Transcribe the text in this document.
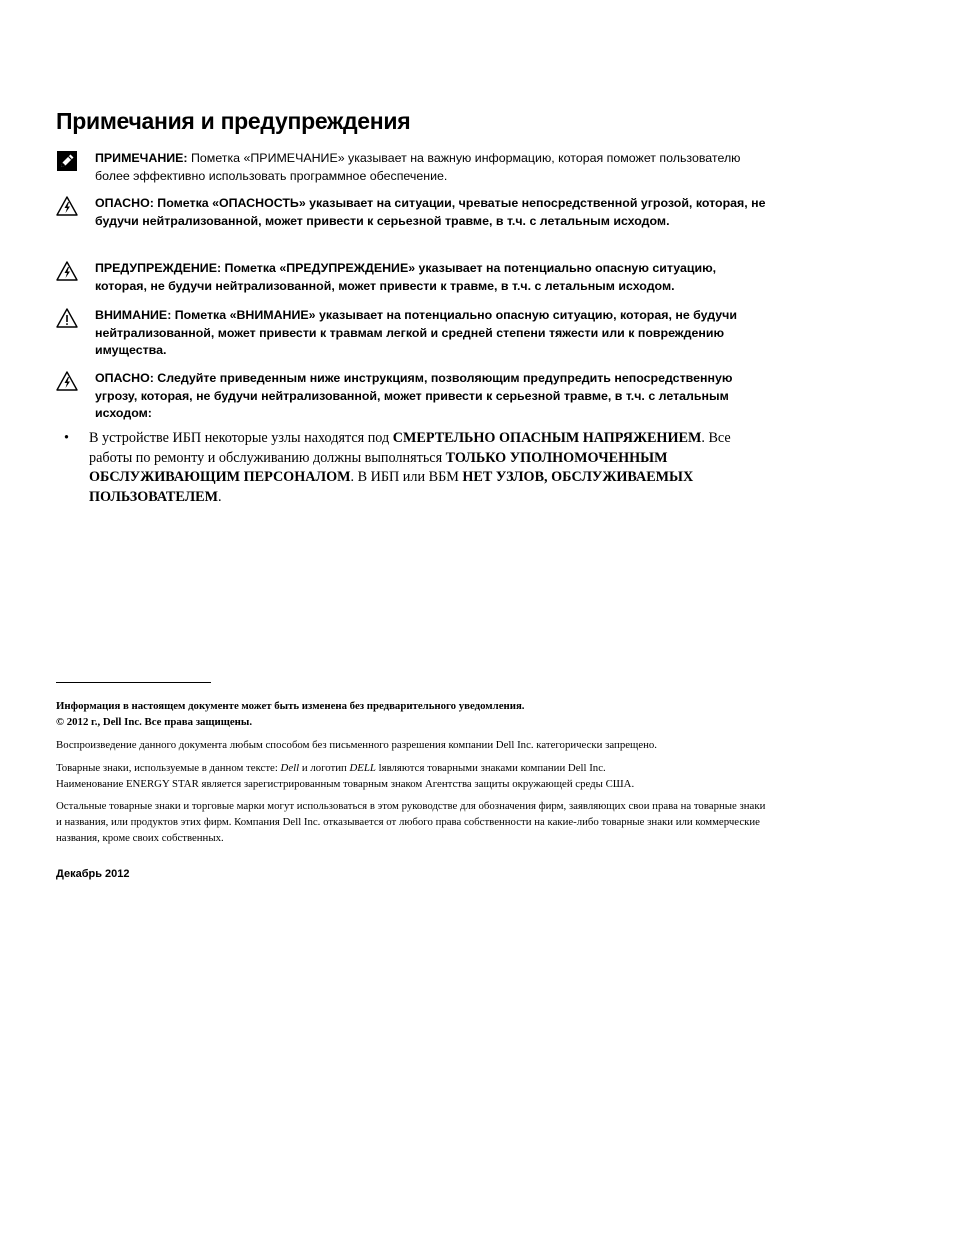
Примечания и предупреждения
ПРИМЕЧАНИЕ: Пометка «ПРИМЕЧАНИЕ» указывает на важную информацию, которая поможет пользователю более эффективно использовать программное обеспечение.
ОПАСНО: Пометка «ОПАСНОСТЬ» указывает на ситуации, чреватые непосредственной угрозой, которая, не будучи нейтрализованной, может привести к серьезной травме, в т.ч. с летальным исходом.
ПРЕДУПРЕЖДЕНИЕ: Пометка «ПРЕДУПРЕЖДЕНИЕ» указывает на потенциально опасную ситуацию, которая, не будучи нейтрализованной, может привести к травме, в т.ч. с летальным исходом.
ВНИМАНИЕ: Пометка «ВНИМАНИЕ» указывает на потенциально опасную ситуацию, которая, не будучи нейтрализованной, может привести к травмам легкой и средней степени тяжести или к повреждению имущества.
ОПАСНО: Следуйте приведенным ниже инструкциям, позволяющим предупредить непосредственную угрозу, которая, не будучи нейтрализованной, может привести к серьезной травме, в т.ч. с летальным исходом:
• В устройстве ИБП некоторые узлы находятся под СМЕРТЕЛЬНО ОПАСНЫМ НАПРЯЖЕНИЕМ. Все работы по ремонту и обслуживанию должны выполняться ТОЛЬКО УПОЛНОМОЧЕННЫМ ОБСЛУЖИВАЮЩИМ ПЕРСОНАЛОМ. В ИБП или ВБМ НЕТ УЗЛОВ, ОБСЛУЖИВАЕМЫХ ПОЛЬЗОВАТЕЛЕМ.

Информация в настоящем документе может быть изменена без предварительного уведомления.
© 2012 г., Dell Inc. Все права защищены.

Воспроизведение данного документа любым способом без письменного разрешения компании Dell Inc. категорически запрещено.

Товарные знаки, используемые в данном тексте: Dell и логотип DELL lявляются товарными знаками компании Dell Inc.
Наименование ENERGY STAR является зарегистрированным товарным знаком Агентства защиты окружающей среды США.

Остальные товарные знаки и торговые марки могут использоваться в этом руководстве для обозначения фирм, заявляющих свои права на товарные знаки и названия, или продуктов этих фирм. Компания Dell Inc. отказывается от любого права собственности на какие-либо товарные знаки или коммерческие названия, кроме своих собственных.

Декабрь 2012
